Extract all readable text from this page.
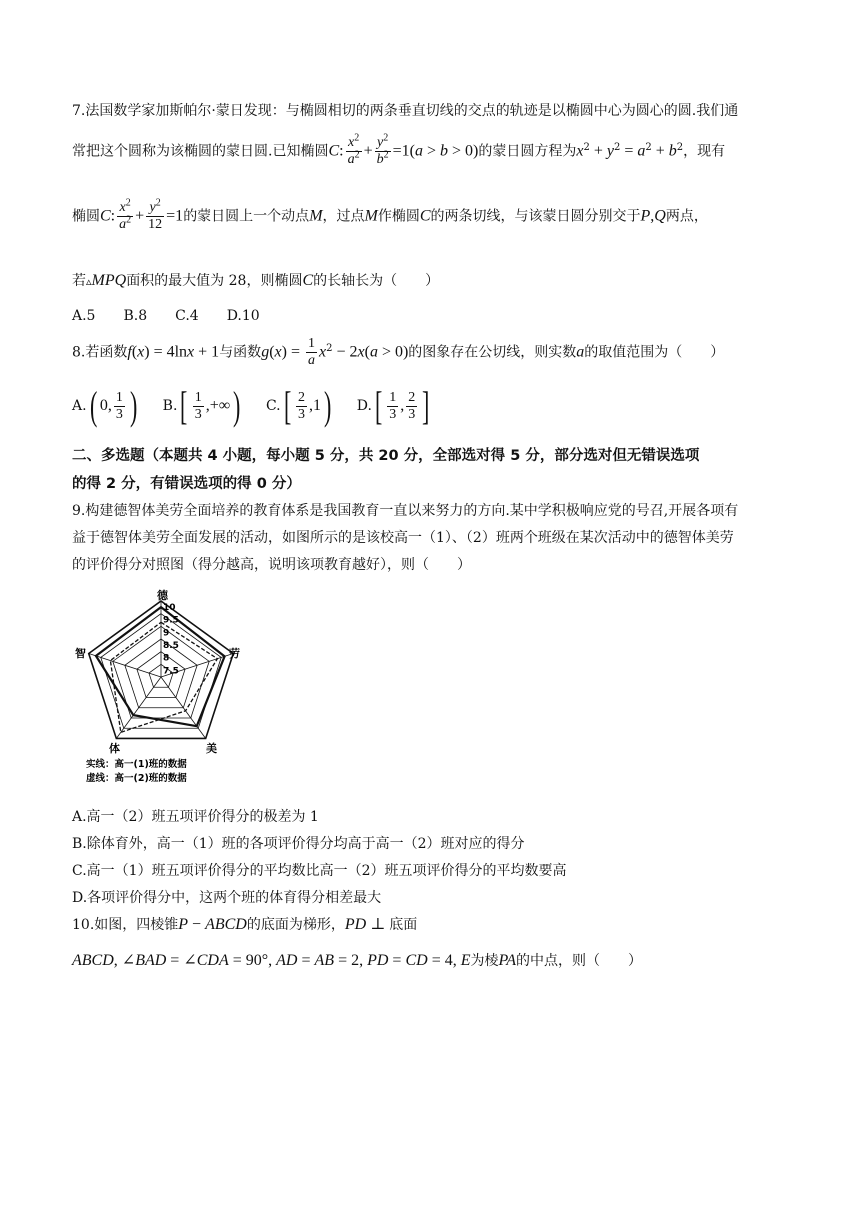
7.法国数学家加斯帕尔·蒙日发现：与椭圆相切的两条垂直切线的交点的轨迹是以椭圆中心为圆心的圆.我们通
常把这个圆称为该椭圆的蒙日圆.已知椭圆C: $\frac{x^2}{a^2} + \frac{y^2}{b^2} =1(a > b > 0)$的蒙日圆方程为$x^2 + y^2 = a^2 + b^2$，现有
椭圆C: $\frac{x^2}{a^2} + \frac{y^2}{12} =1$的蒙日圆上一个动点M，过点M作椭圆C的两条切线，与该蒙日圆分别交于P,Q两点，
若▵MPQ面积的最大值为 28，则椭圆C的长轴长为（　　）
A.5 B.8 C.4 D.10
8.若函数f(x) = 4lnx + 1与函数$g(x) = \frac{1}{a} x^2 - 2x(a > 0)$的图象存在公切线，则实数a的取值范围为（　　）
A.( 0, $\frac{1}{3}$ ) $B.[ \frac{1}{3}$ ,+∞) $C.[ \frac{2}{3} ,1)$ $D.[ \frac{1}{3}$ , $\frac{2}{3}$ ]
二、多选题（本题共 4 小题，每小题 5 分，共 20 分，全部选对得 5 分，部分选对但无错误选项
的得 2 分，有错误选项的得 0 分）
9.构建德智体美劳全面培养的教育体系是我国教育一直以来努力的方向.某中学积极响应党的号召,开展各项有
益于德智体美劳全面发展的活动，如图所示的是该校高一（1）、（2）班两个班级在某次活动中的德智体美劳
的评价得分对照图（得分越高，说明该项教育越好），则（　　）
德
劳
美
体
智
10
9.5
9
8.5
8
7.5
实线：高一(1)班的数据
虚线：高一(2)班的数据
A.高一（2）班五项评价得分的极差为 1
B.除体育外，高一（1）班的各项评价得分均高于高一（2）班对应的得分
C.高一（1）班五项评价得分的平均数比高一（2）班五项评价得分的平均数要高
D.各项评价得分中，这两个班的体育得分相差最大
10.如图，四棱锥P − ABCD的底面为梯形，PD ⊥ 底面
ABCD, ∠BAD = ∠CDA = 90°, AD = AB = 2, PD = CD = 4, E为棱PA的中点，则（　　）
